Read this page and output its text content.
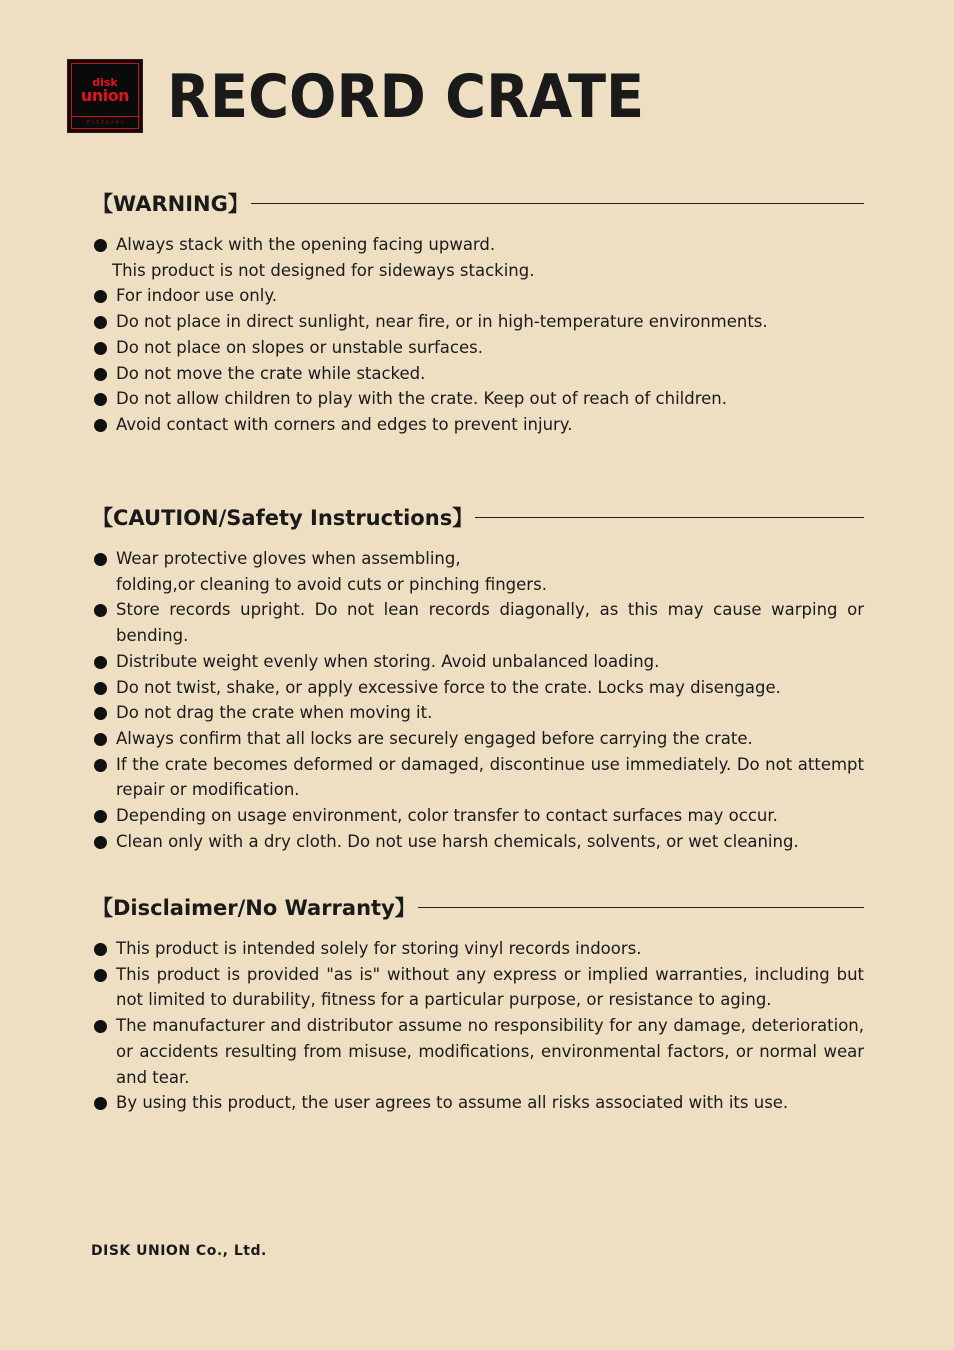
disk
union
ディスクユニオン RECORD CRATE
【WARNING】
Always stack with the opening facing upward.
This product is not designed for sideways stacking.
For indoor use only.
Do not place in direct sunlight, near fire, or in high-temperature environments.
Do not place on slopes or unstable surfaces.
Do not move the crate while stacked.
Do not allow children to play with the crate. Keep out of reach of children.
Avoid contact with corners and edges to prevent injury.
【CAUTION/Safety Instructions】
Wear protective gloves when assembling,
folding,or cleaning to avoid cuts or pinching fingers.
Store records upright. Do not lean records diagonally, as this may cause warping or bending.
Distribute weight evenly when storing. Avoid unbalanced loading.
Do not twist, shake, or apply excessive force to the crate. Locks may disengage.
Do not drag the crate when moving it.
Always confirm that all locks are securely engaged before carrying the crate.
If the crate becomes deformed or damaged, discontinue use immediately. Do not attempt repair or modification.
Depending on usage environment, color transfer to contact surfaces may occur.
Clean only with a dry cloth. Do not use harsh chemicals, solvents, or wet cleaning.
【Disclaimer/No Warranty】
This product is intended solely for storing vinyl records indoors.
This product is provided "as is" without any express or implied warranties, including but not limited to durability, fitness for a particular purpose, or resistance to aging.
The manufacturer and distributor assume no responsibility for any damage, deterioration, or accidents resulting from misuse, modifications, environmental factors, or normal wear and tear.
By using this product, the user agrees to assume all risks associated with its use.
DISK UNION Co., Ltd.
